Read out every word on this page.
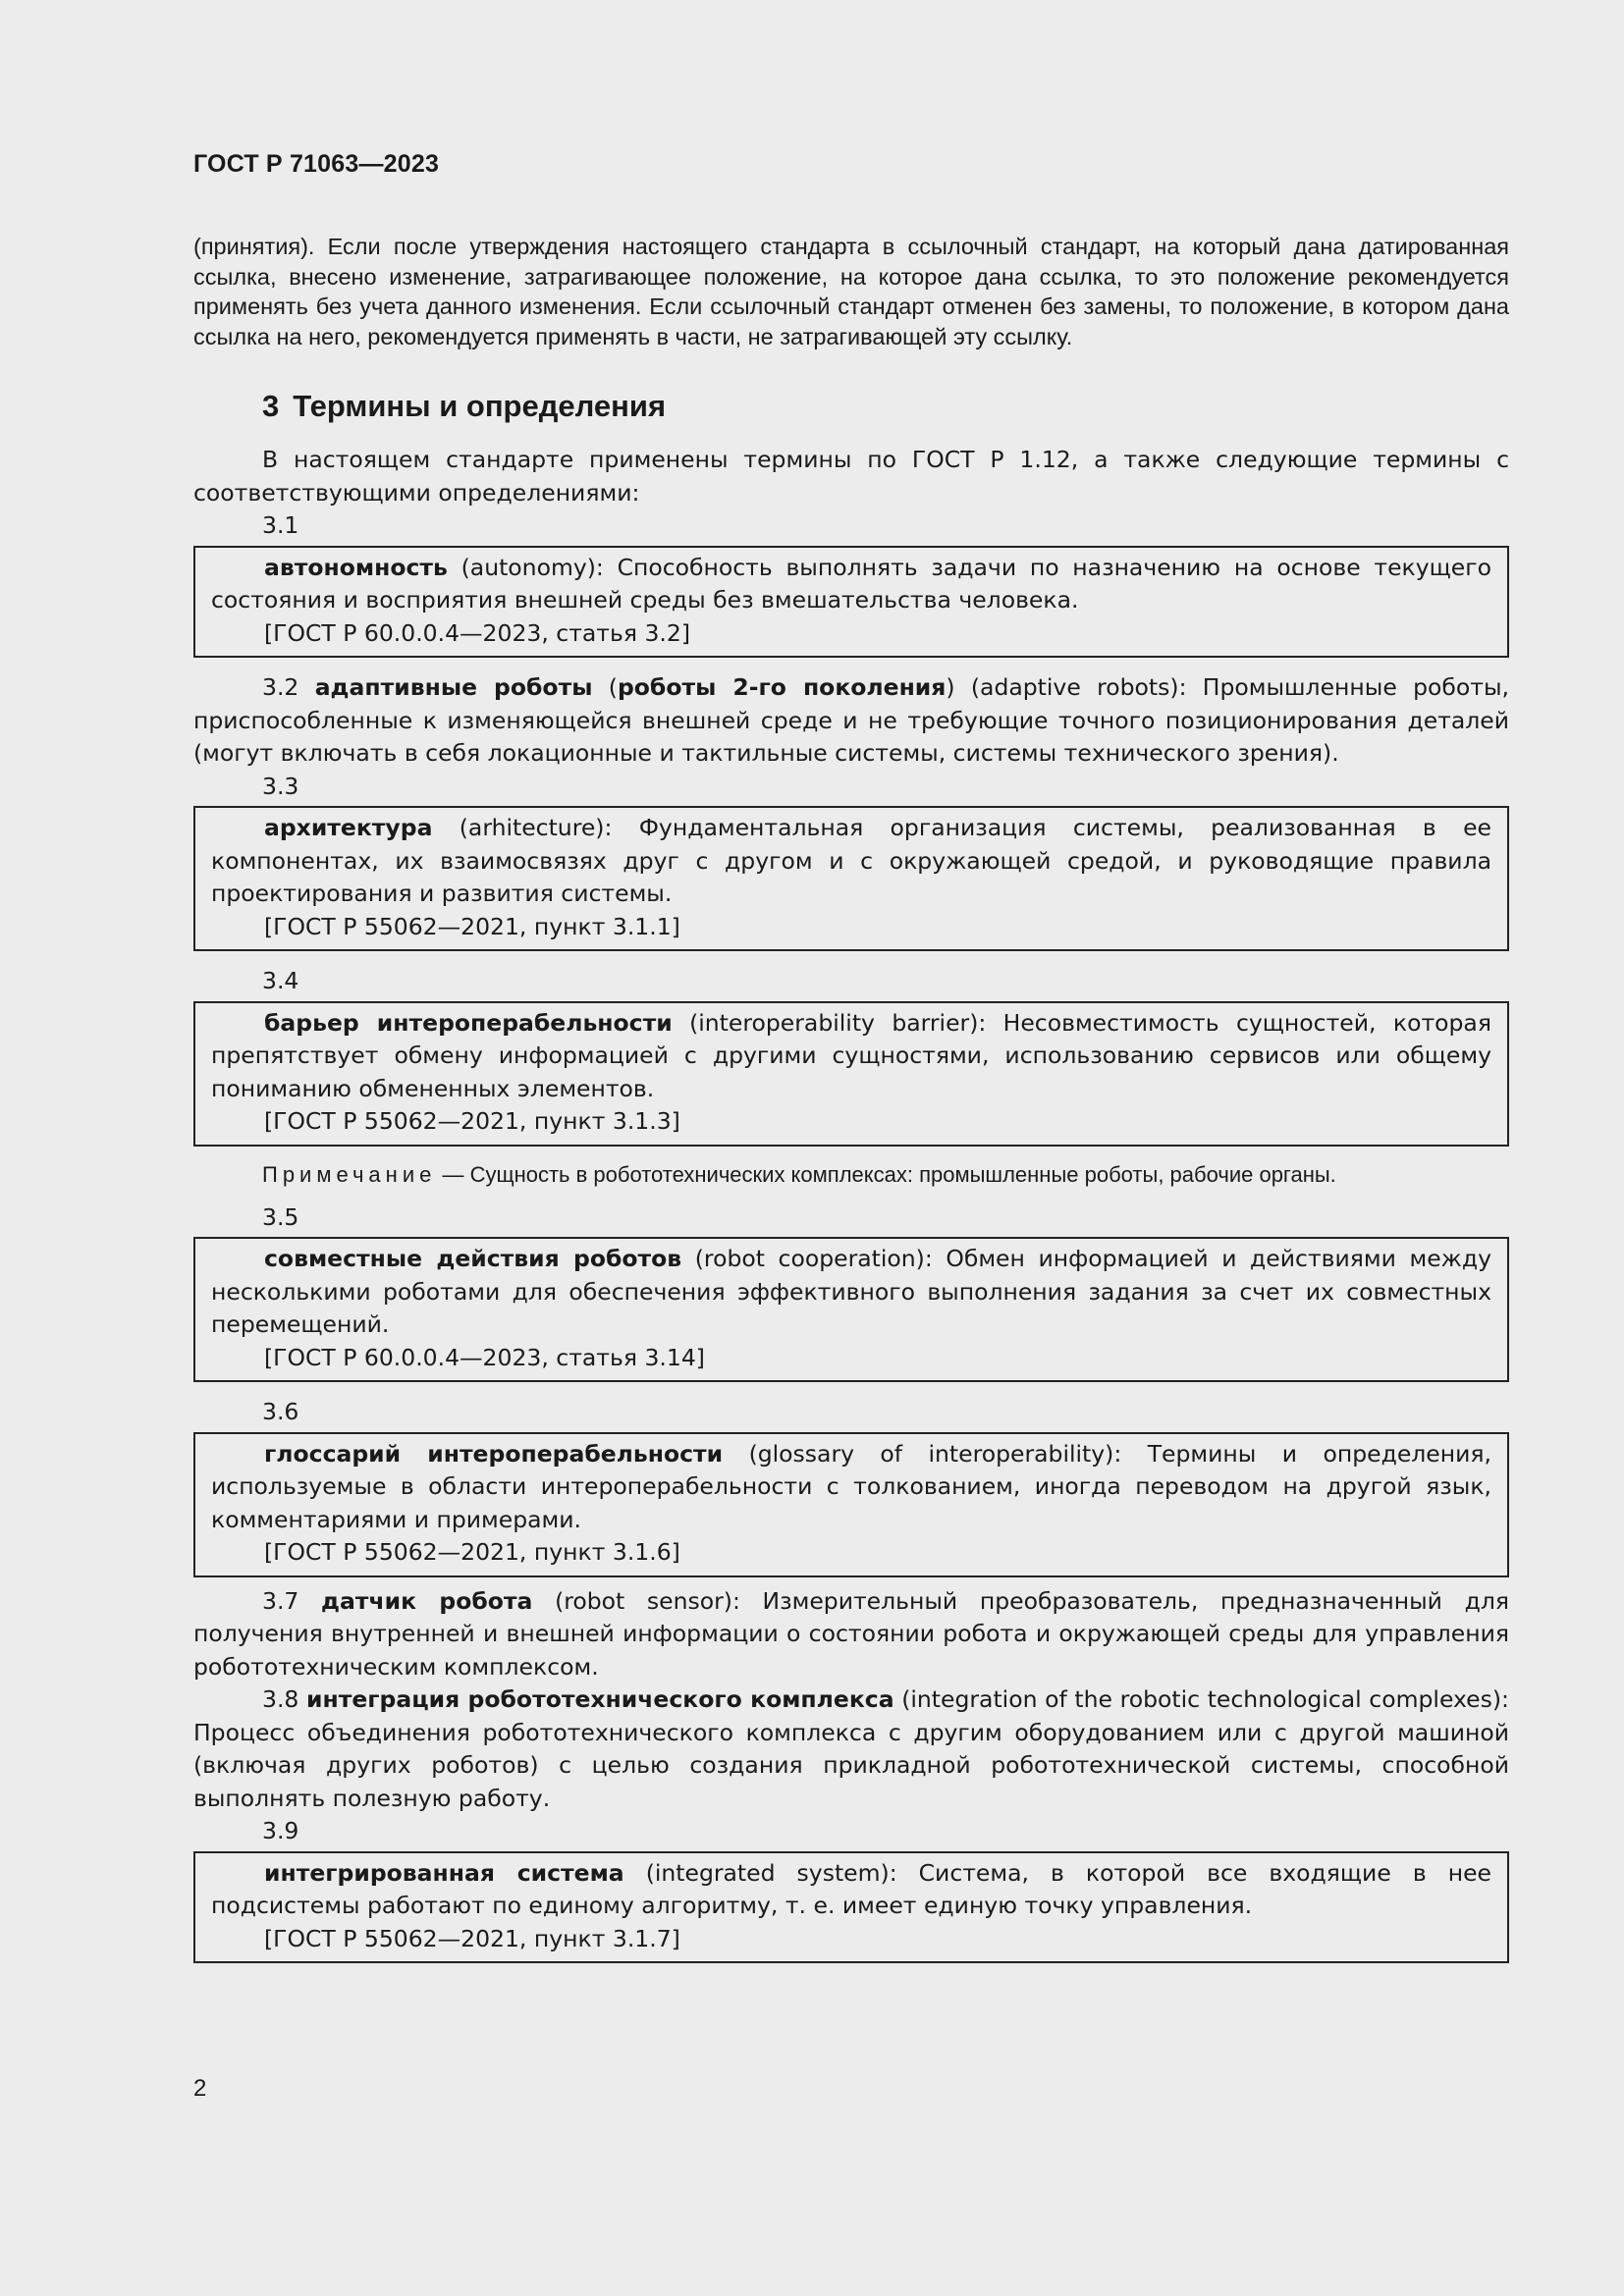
ГОСТ Р 71063—2023

(принятия). Если после утверждения настоящего стандарта в ссылочный стандарт, на который дана датированная ссылка, внесено изменение, затрагивающее положение, на которое дана ссылка, то это положение рекомендуется применять без учета данного изменения. Если ссылочный стандарт отменен без замены, то положение, в котором дана ссылка на него, рекомендуется применять в части, не затрагивающей эту ссылку.

3 Термины и определения

В настоящем стандарте применены термины по ГОСТ Р 1.12, а также следующие термины с соответствующими определениями:

3.1

автономность (autonomy): Способность выполнять задачи по назначению на основе текущего состояния и восприятия внешней среды без вмешательства человека.

[ГОСТ Р 60.0.0.4—2023, статья 3.2]

3.2 адаптивные роботы (роботы 2-го поколения) (adaptive robots): Промышленные роботы, приспособленные к изменяющейся внешней среде и не требующие точного позиционирования деталей (могут включать в себя локационные и тактильные системы, системы технического зрения).

3.3

архитектура (arhitecture): Фундаментальная организация системы, реализованная в ее компонентах, их взаимосвязях друг с другом и с окружающей средой, и руководящие правила проектирования и развития системы.

[ГОСТ Р 55062—2021, пункт 3.1.1]

3.4

барьер интероперабельности (interoperability barrier): Несовместимость сущностей, которая препятствует обмену информацией с другими сущностями, использованию сервисов или общему пониманию обмененных элементов.

[ГОСТ Р 55062—2021, пункт 3.1.3]

Примечание — Сущность в робототехнических комплексах: промышленные роботы, рабочие органы.

3.5

совместные действия роботов (robot cooperation): Обмен информацией и действиями между несколькими роботами для обеспечения эффективного выполнения задания за счет их совместных перемещений.

[ГОСТ Р 60.0.0.4—2023, статья 3.14]

3.6

глоссарий интероперабельности (glossary of interoperability): Термины и определения, используемые в области интероперабельности с толкованием, иногда переводом на другой язык, комментариями и примерами.

[ГОСТ Р 55062—2021, пункт 3.1.6]

3.7 датчик робота (robot sensor): Измерительный преобразователь, предназначенный для получения внутренней и внешней информации о состоянии робота и окружающей среды для управления робототехническим комплексом.

3.8 интеграция робототехнического комплекса (integration of the robotic technological complexes): Процесс объединения робототехнического комплекса с другим оборудованием или с другой машиной (включая других роботов) с целью создания прикладной робототехнической системы, способной выполнять полезную работу.

3.9

интегрированная система (integrated system): Система, в которой все входящие в нее подсистемы работают по единому алгоритму, т. е. имеет единую точку управления.

[ГОСТ Р 55062—2021, пункт 3.1.7]

2
